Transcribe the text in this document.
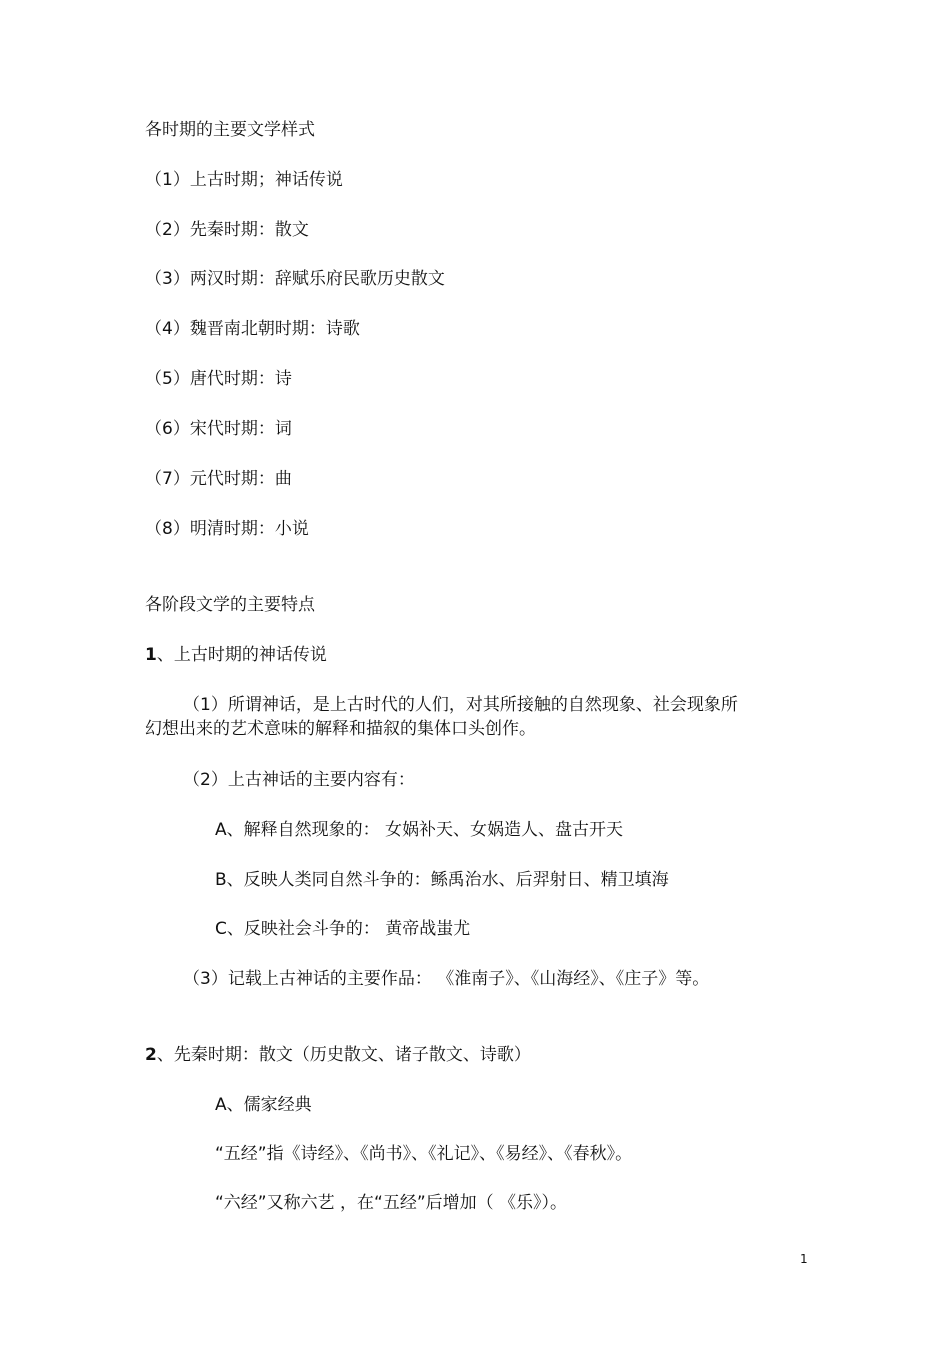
各时期的主要文学样式
（1）上古时期；神话传说
（2）先秦时期：散文
（3）两汉时期：辞赋乐府民歌历史散文
（4）魏晋南北朝时期：诗歌
（5）唐代时期：诗
（6）宋代时期：词
（7）元代时期：曲
（8）明清时期：小说
各阶段文学的主要特点
1、上古时期的神话传说
（1）所谓神话，是上古时代的人们，对其所接触的自然现象、社会现象所
幻想出来的艺术意味的解释和描叙的集体口头创作。
（2）上古神话的主要内容有：
A、解释自然现象的： 女娲补天、女娲造人、盘古开天
B、反映人类同自然斗争的：鲧禹治水、后羿射日、精卫填海
C、反映社会斗争的： 黄帝战蚩尤
（3）记载上古神话的主要作品： 《淮南子》、《山海经》、《庄子》等。
2、先秦时期：散文（历史散文、诸子散文、诗歌）
A、儒家经典
“五经”指《诗经》、《尚书》、《礼记》、《易经》、《春秋》。
“六经”又称六艺 ，在“五经”后增加（ 《乐》）。
1
